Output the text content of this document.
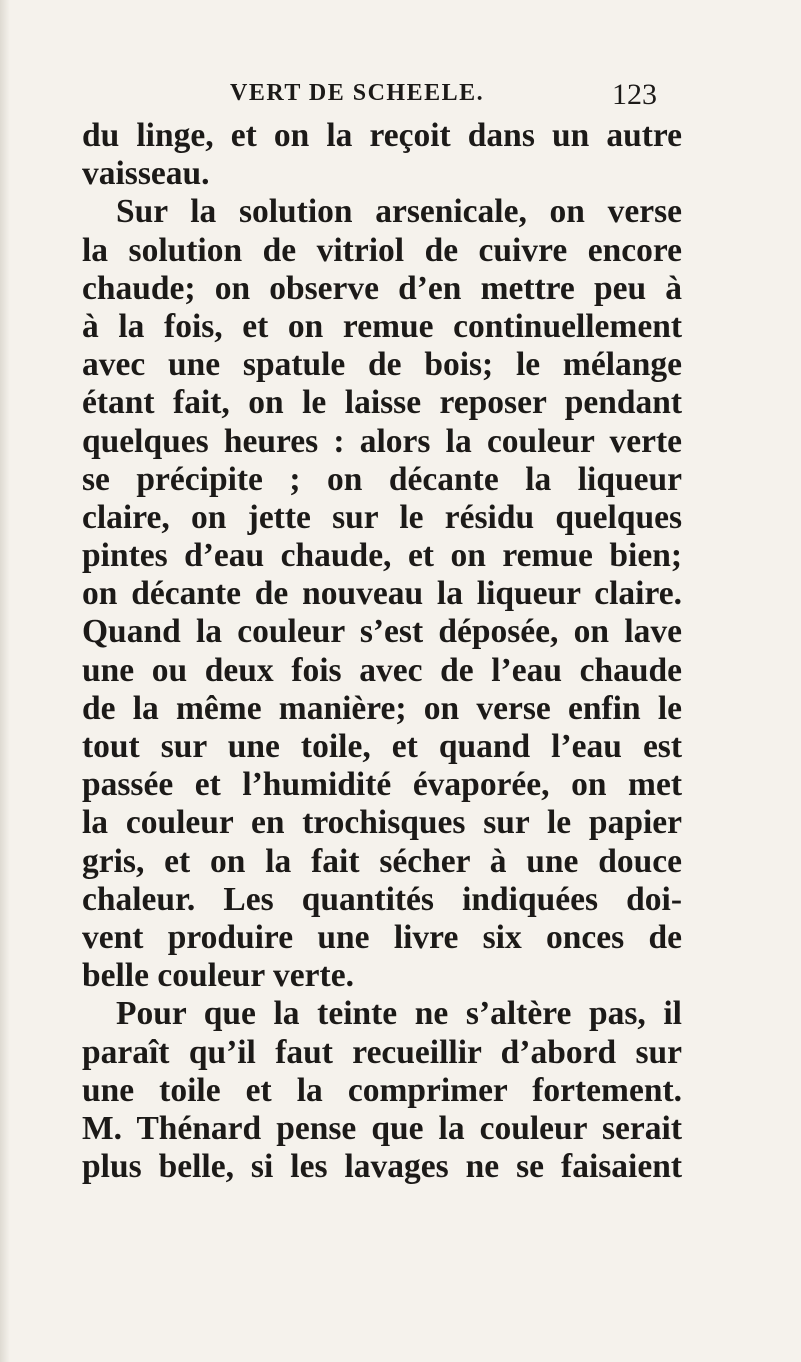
VERT DE SCHEELE.	123
du linge, et on la reçoit dans un autre
vaisseau.
Sur la solution arsenicale, on verse
la solution de vitriol de cuivre encore
chaude; on observe d’en mettre peu à
à la fois, et on remue continuellement
avec une spatule de bois; le mélange
étant fait, on le laisse reposer pendant
quelques heures : alors la couleur verte
se précipite ; on décante la liqueur
claire, on jette sur le résidu quelques
pintes d’eau chaude, et on remue bien;
on décante de nouveau la liqueur claire.
Quand la couleur s’est déposée, on lave
une ou deux fois avec de l’eau chaude
de la même manière; on verse enfin le
tout sur une toile, et quand l’eau est
passée et l’humidité évaporée, on met
la couleur en trochisques sur le papier
gris, et on la fait sécher à une douce
chaleur. Les quantités indiquées doi-
vent produire une livre six onces de
belle couleur verte.
Pour que la teinte ne s’altère pas, il
paraît qu’il faut recueillir d’abord sur
une toile et la comprimer fortement.
M. Thénard pense que la couleur serait
plus belle, si les lavages ne se faisaient
